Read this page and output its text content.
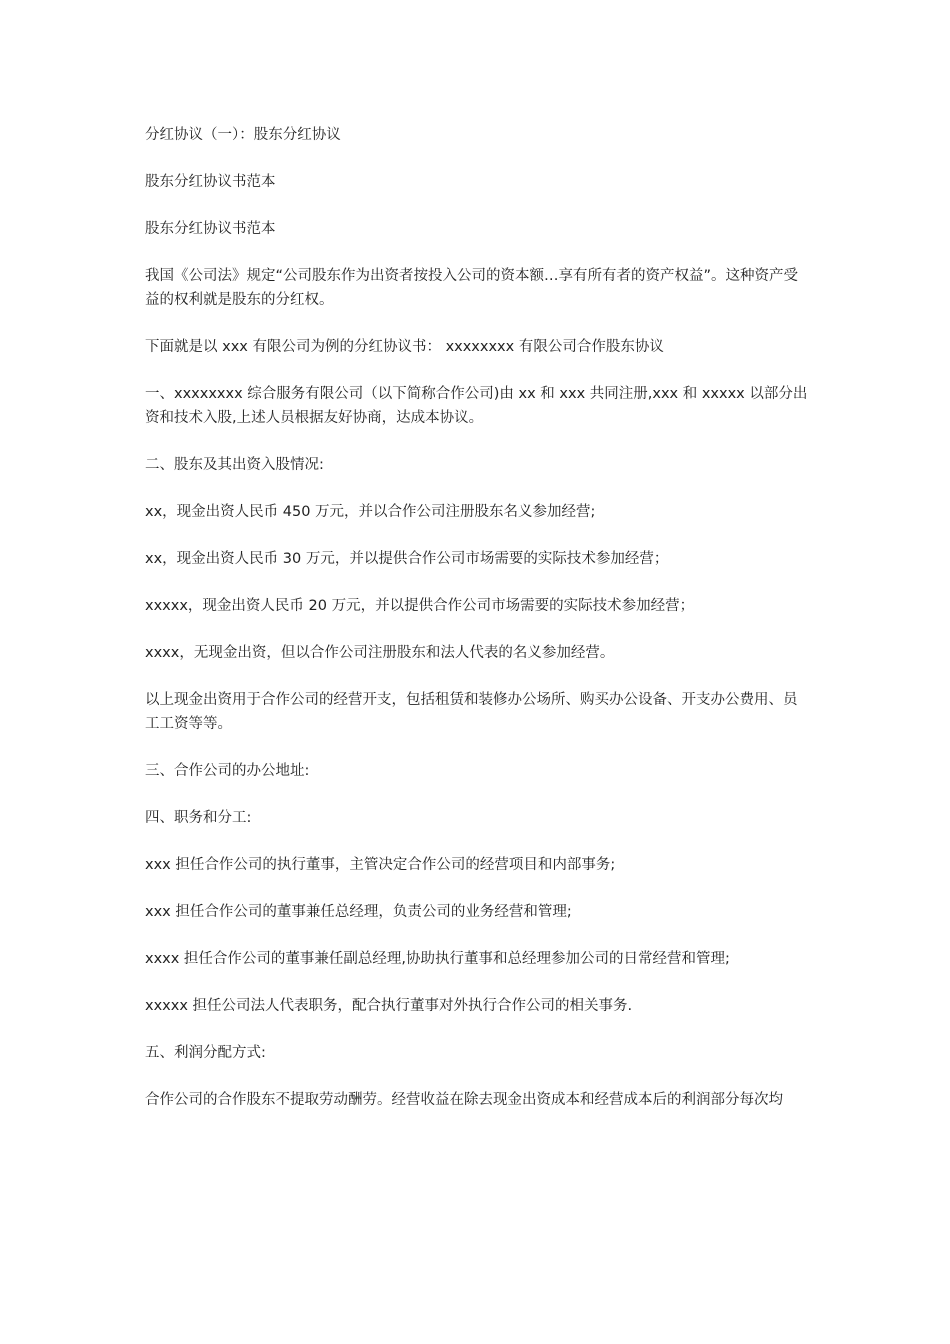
分红协议（一）：股东分红协议

股东分红协议书范本

股东分红协议书范本

我国《公司法》规定“公司股东作为出资者按投入公司的资本额…享有所有者的资产权益”。这种资产受益的权利就是股东的分红权。

下面就是以 xxx 有限公司为例的分红协议书： xxxxxxxx 有限公司合作股东协议

一、xxxxxxxx 综合服务有限公司（以下简称合作公司)由 xx 和 xxx 共同注册,xxx 和 xxxxx 以部分出资和技术入股,上述人员根据友好协商，达成本协议。

二、股东及其出资入股情况:

xx，现金出资人民币 450 万元，并以合作公司注册股东名义参加经营;

xx，现金出资人民币 30 万元，并以提供合作公司市场需要的实际技术参加经营；

xxxxx，现金出资人民币 20 万元，并以提供合作公司市场需要的实际技术参加经营；

xxxx，无现金出资，但以合作公司注册股东和法人代表的名义参加经营。

以上现金出资用于合作公司的经营开支，包括租赁和装修办公场所、购买办公设备、开支办公费用、员工工资等等。

三、合作公司的办公地址:

四、职务和分工:

xxx 担任合作公司的执行董事，主管决定合作公司的经营项目和内部事务;

xxx 担任合作公司的董事兼任总经理，负责公司的业务经营和管理;

xxxx 担任合作公司的董事兼任副总经理,协助执行董事和总经理参加公司的日常经营和管理;

xxxxx 担任公司法人代表职务，配合执行董事对外执行合作公司的相关事务.

五、利润分配方式:

合作公司的合作股东不提取劳动酬劳。经营收益在除去现金出资成本和经营成本后的利润部分每次均
